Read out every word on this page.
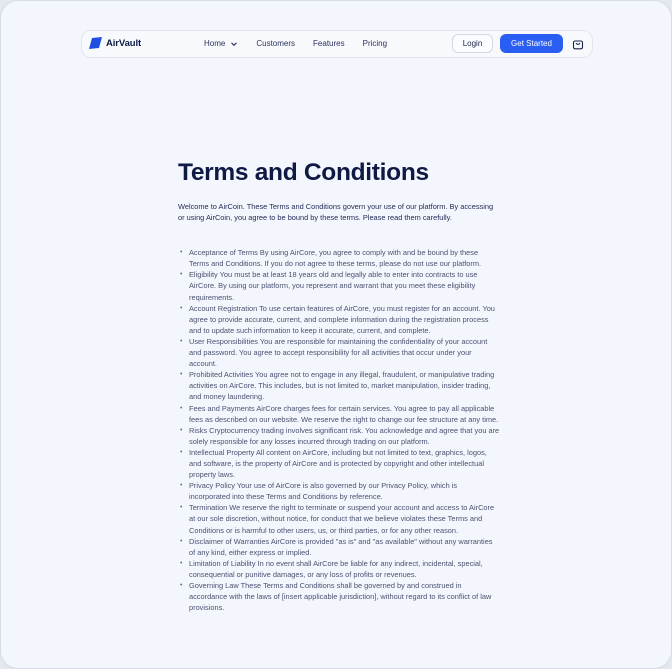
AirVault	Home	Customers Features Pricing	Login	Get Started
Terms and Conditions

Welcome to AirCoin. These Terms and Conditions govern your use of our platform. By accessing or using AirCoin, you agree to be bound by these terms. Please read them carefully.

• Acceptance of Terms By using AirCore, you agree to comply with and be bound by these Terms and Conditions. If you do not agree to these terms, please do not use our platform.
• Eligibility You must be at least 18 years old and legally able to enter into contracts to use AirCore. By using our platform, you represent and warrant that you meet these eligibility requirements.
• Account Registration To use certain features of AirCore, you must register for an account. You agree to provide accurate, current, and complete information during the registration process and to update such information to keep it accurate, current, and complete.
• User Responsibilities You are responsible for maintaining the confidentiality of your account and password. You agree to accept responsibility for all activities that occur under your account.
• Prohibited Activities You agree not to engage in any illegal, fraudulent, or manipulative trading activities on AirCore. This includes, but is not limited to, market manipulation, insider trading, and money laundering.
• Fees and Payments AirCore charges fees for certain services. You agree to pay all applicable fees as described on our website. We reserve the right to change our fee structure at any time.
• Risks Cryptocurrency trading involves significant risk. You acknowledge and agree that you are solely responsible for any losses incurred through trading on our platform.
• Intellectual Property All content on AirCore, including but not limited to text, graphics, logos, and software, is the property of AirCore and is protected by copyright and other intellectual property laws.
• Privacy Policy Your use of AirCore is also governed by our Privacy Policy, which is incorporated into these Terms and Conditions by reference.
• Termination We reserve the right to terminate or suspend your account and access to AirCore at our sole discretion, without notice, for conduct that we believe violates these Terms and Conditions or is harmful to other users, us, or third parties, or for any other reason.
• Disclaimer of Warranties AirCore is provided "as is" and "as available" without any warranties of any kind, either express or implied.
• Limitation of Liability In no event shall AirCore be liable for any indirect, incidental, special, consequential or punitive damages, or any loss of profits or revenues.
• Governing Law These Terms and Conditions shall be governed by and construed in accordance with the laws of [insert applicable jurisdiction], without regard to its conflict of law provisions.
